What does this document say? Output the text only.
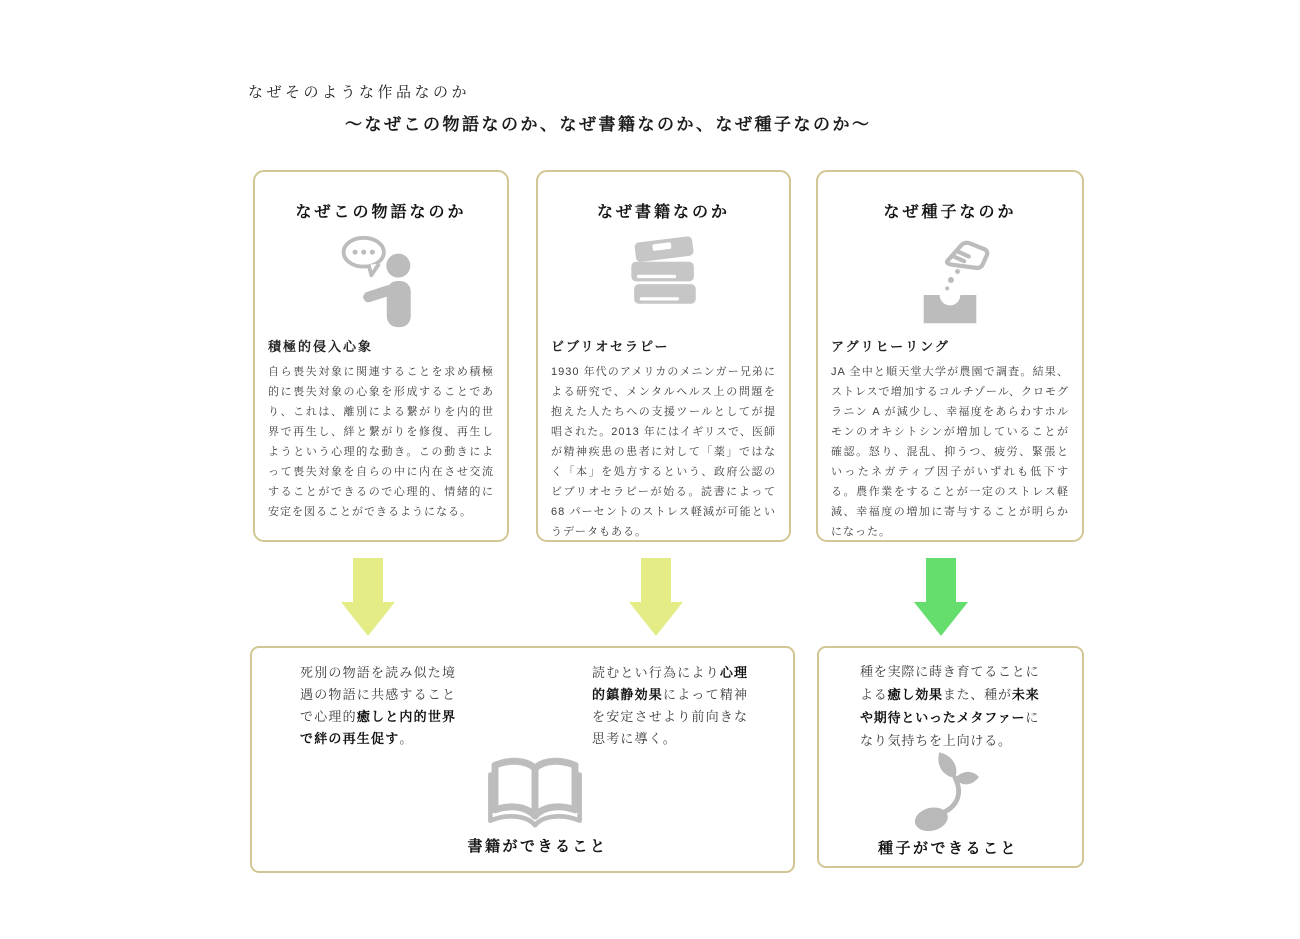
なぜそのような作品なのか
～なぜこの物語なのか、なぜ書籍なのか、なぜ種子なのか～
なぜこの物語なのか
積極的侵入心象
自ら喪失対象に関連することを求め積極的に喪失対象の心象を形成することであり、これは、離別による繋がりを内的世界で再生し、絆と繋がりを修復、再生しようという心理的な動き。この動きによって喪失対象を自らの中に内在させ交流することができるので心理的、情緒的に安定を図ることができるようになる。
なぜ書籍なのか
ビブリオセラピー
1930 年代のアメリカのメニンガー兄弟による研究で、メンタルヘルス上の問題を抱えた人たちへの支援ツールとしてが提唱された。2013 年にはイギリスで、医師が精神疾患の患者に対して「薬」ではなく「本」を処方するという、政府公認のビブリオセラピーが始る。読書によって 68 パーセントのストレス軽減が可能というデータもある。
なぜ種子なのか
アグリヒーリング
JA 全中と順天堂大学が農園で調査。結果、ストレスで増加するコルチゾール、クロモグラニン A が減少し、幸福度をあらわすホルモンのオキシトシンが増加していることが確認。怒り、混乱、抑うつ、疲労、緊張といったネガティブ因子がいずれも低下する。農作業をすることが一定のストレス軽減、幸福度の増加に寄与することが明らかになった。
死別の物語を読み似た境遇の物語に共感することで心理的癒しと内的世界で絆の再生促す。
読むとい行為により心理的鎮静効果によって精神を安定させより前向きな思考に導く。
書籍ができること
種を実際に蒔き育てることによる癒し効果また、種が未来や期待といったメタファーになり気持ちを上向ける。
種子ができること
